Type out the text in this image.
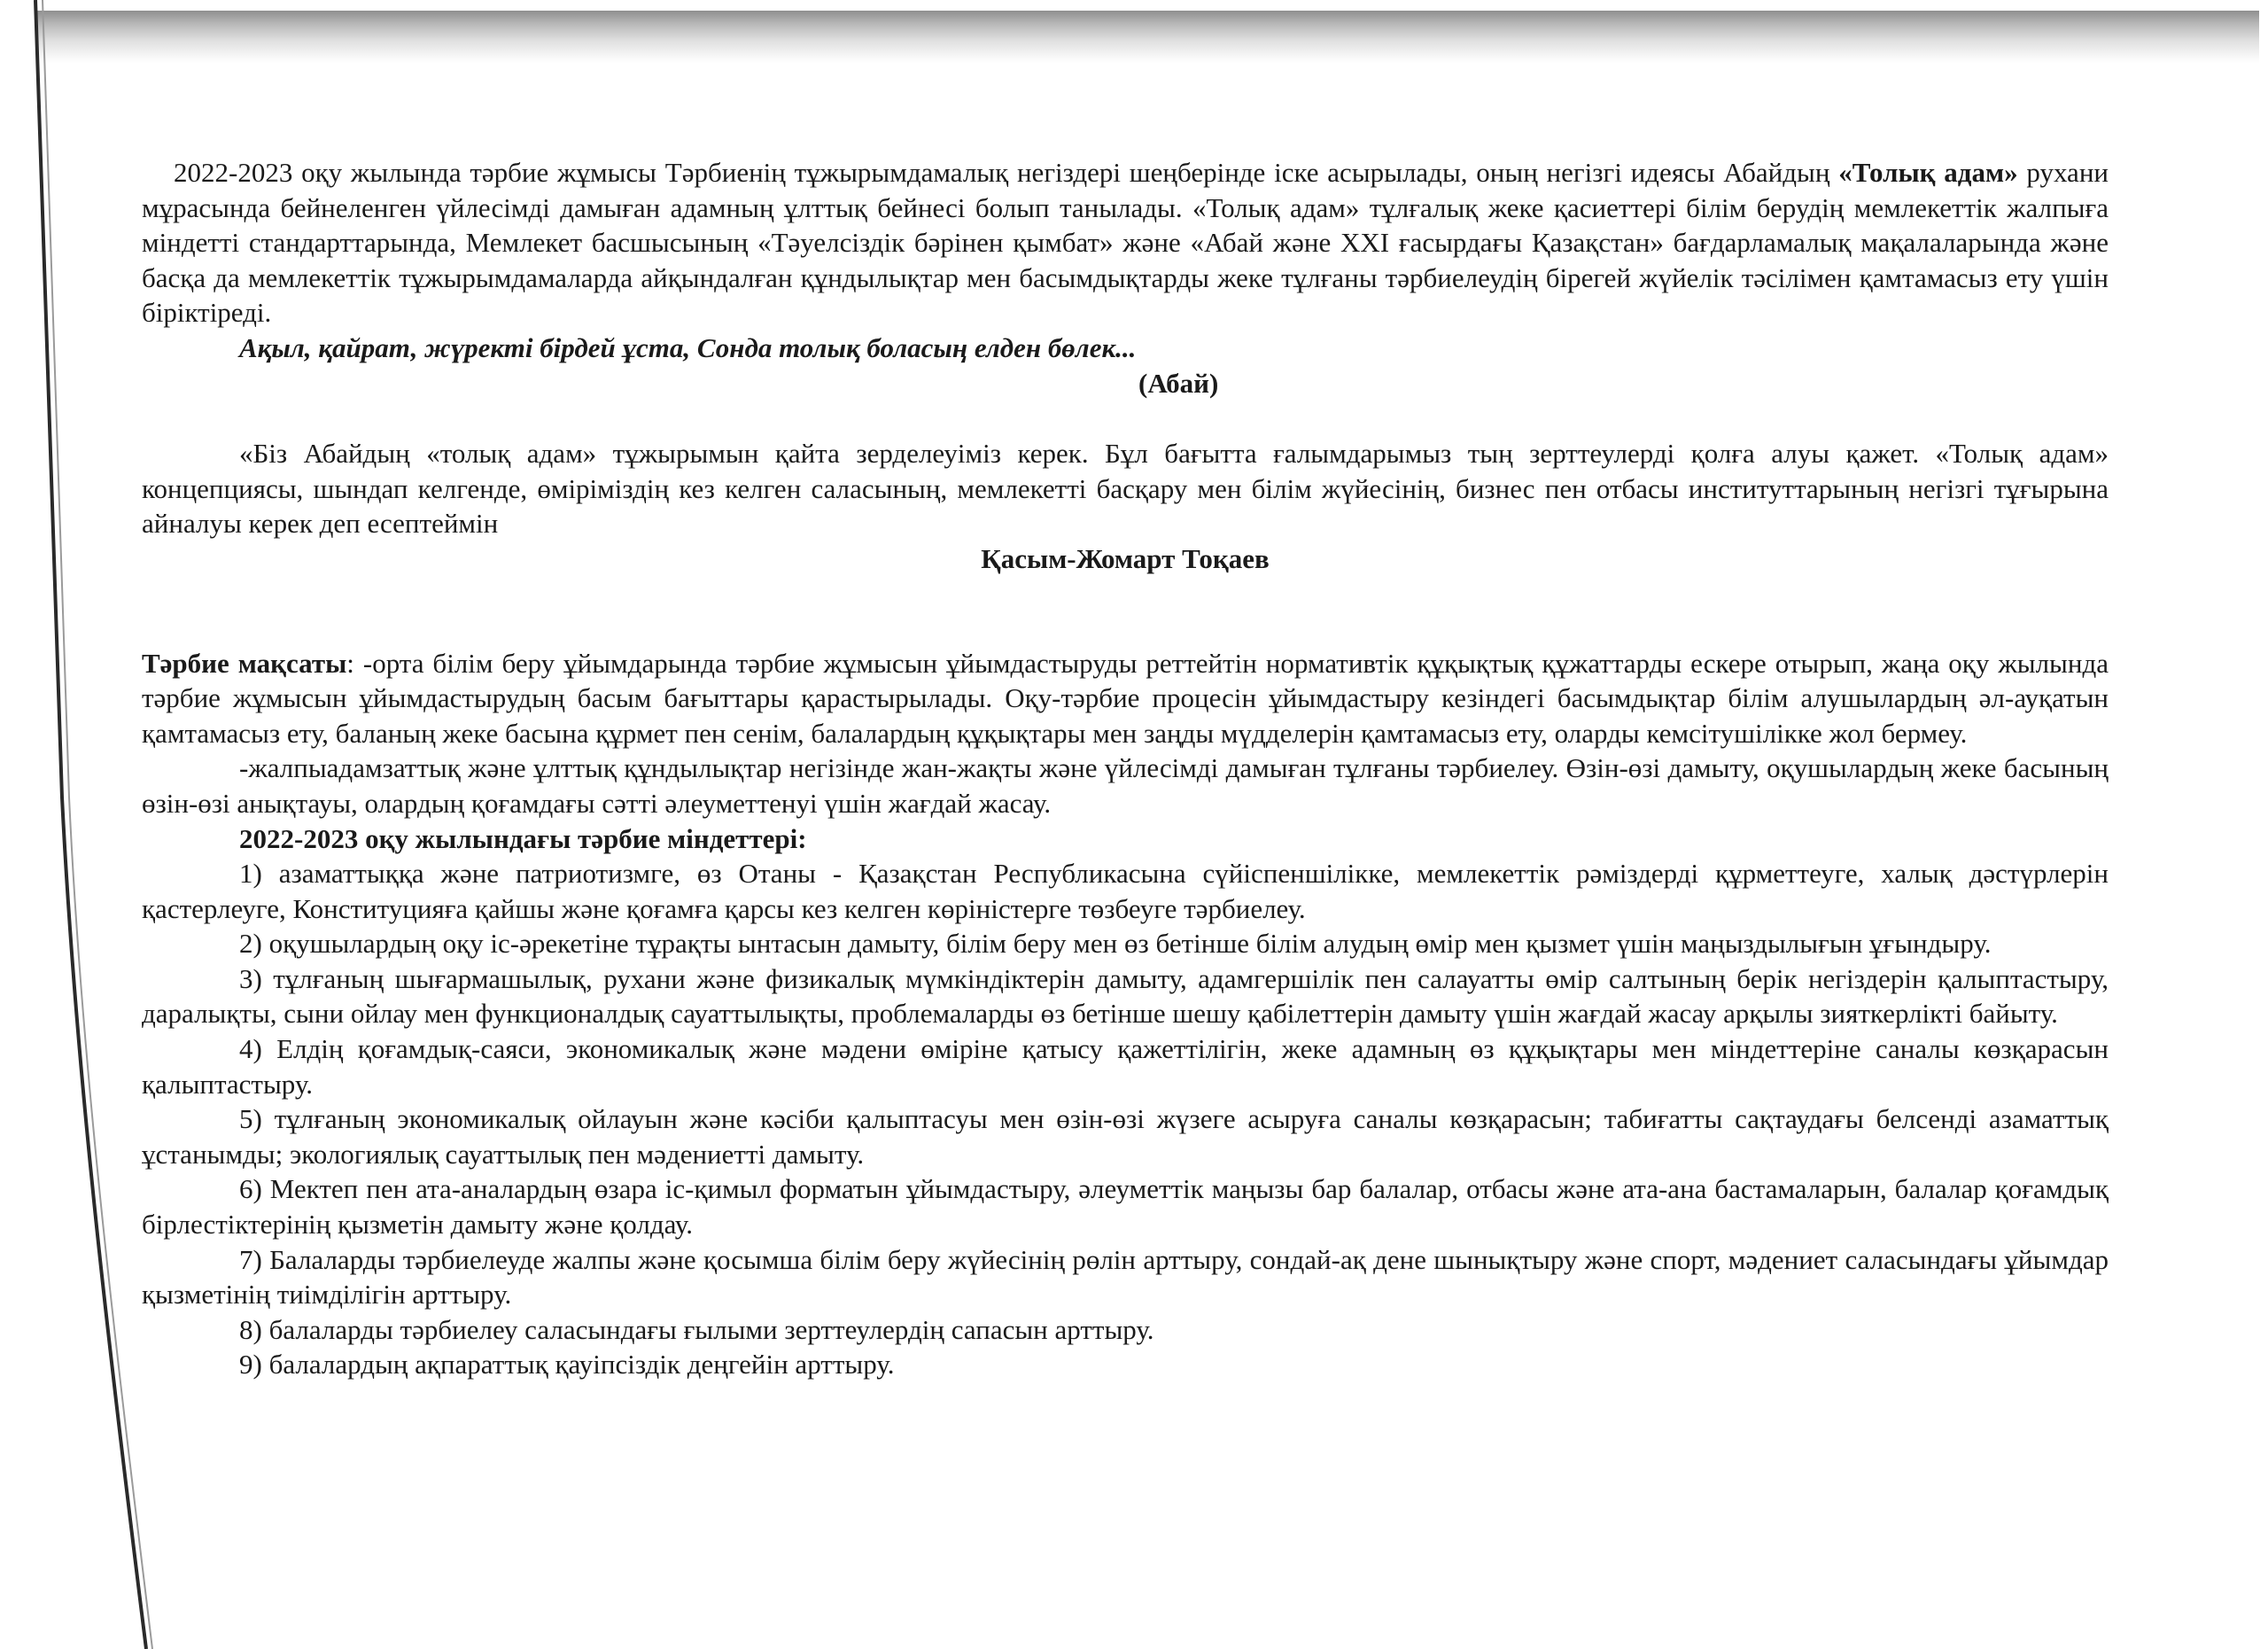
2022-2023 оқу жылында тәрбие жұмысы Тәрбиенің тұжырымдамалық негіздері шеңберінде іске асырылады, оның негізгі идеясы Абайдың «Толық адам» рухани мұрасында бейнеленген үйлесімді дамыған адамның ұлттық бейнесі болып танылады. «Толық адам» тұлғалық жеке қасиеттері білім берудің мемлекеттік жалпыға міндетті стандарттарында, Мемлекет басшысының «Тәуелсіздік бәрінен қымбат» және «Абай және ХХІ ғасырдағы Қазақстан» бағдарламалық мақалаларында және басқа да мемлекеттік тұжырымдамаларда айқындалған құндылықтар мен басымдықтарды жеке тұлғаны тәрбиелеудің бірегей жүйелік тәсілімен қамтамасыз ету үшін біріктіреді.

Ақыл, қайрат, жүректі бірдей ұста, Сонда толық боласың елден бөлек...

(Абай)

«Біз Абайдың «толық адам» тұжырымын қайта зерделеуіміз керек. Бұл бағытта ғалымдарымыз тың зерттеулерді қолға алуы қажет. «Толық адам» концепциясы, шындап келгенде, өміріміздің кез келген саласының, мемлекетті басқару мен білім жүйесінің, бизнес пен отбасы институттарының негізгі тұғырына айналуы керек деп есептеймін

Қасым-Жомарт Тоқаев

Тәрбие мақсаты: -орта білім беру ұйымдарында тәрбие жұмысын ұйымдастыруды реттейтін нормативтік құқықтық құжаттарды ескере отырып, жаңа оқу жылында тәрбие жұмысын ұйымдастырудың басым бағыттары қарастырылады. Оқу-тәрбие процесін ұйымдастыру кезіндегі басымдықтар білім алушылардың әл-ауқатын қамтамасыз ету, баланың жеке басына құрмет пен сенім, балалардың құқықтары мен заңды мүдделерін қамтамасыз ету, оларды кемсітушілікке жол бермеу.

-жалпыадамзаттық және ұлттық құндылықтар негізінде жан-жақты және үйлесімді дамыған тұлғаны тәрбиелеу. Өзін-өзі дамыту, оқушылардың жеке басының өзін-өзі анықтауы, олардың қоғамдағы сәтті әлеуметтенуі үшін жағдай жасау.

2022-2023 оқу жылындағы тәрбие міндеттері:

1) азаматтыққа және патриотизмге, өз Отаны - Қазақстан Республикасына сүйіспеншілікке, мемлекеттік рәміздерді құрметтеуге, халық дәстүрлерін қастерлеуге, Конституцияға қайшы және қоғамға қарсы кез келген көріністерге төзбеуге тәрбиелеу.

2) оқушылардың оқу іс-әрекетіне тұрақты ынтасын дамыту, білім беру мен өз бетінше білім алудың өмір мен қызмет үшін маңыздылығын ұғындыру.

3) тұлғаның шығармашылық, рухани және физикалық мүмкіндіктерін дамыту, адамгершілік пен салауатты өмір салтының берік негіздерін қалыптастыру, даралықты, сыни ойлау мен функционалдық сауаттылықты, проблемаларды өз бетінше шешу қабілеттерін дамыту үшін жағдай жасау арқылы зияткерлікті байыту.

4) Елдің қоғамдық-саяси, экономикалық және мәдени өміріне қатысу қажеттілігін, жеке адамның өз құқықтары мен міндеттеріне саналы көзқарасын қалыптастыру.

5) тұлғаның экономикалық ойлауын және кәсіби қалыптасуы мен өзін-өзі жүзеге асыруға саналы көзқарасын; табиғатты сақтаудағы белсенді азаматтық ұстанымды; экологиялық сауаттылық пен мәдениетті дамыту.

6) Мектеп пен ата-аналардың өзара іс-қимыл форматын ұйымдастыру, әлеуметтік маңызы бар балалар, отбасы және ата-ана бастамаларын, балалар қоғамдық бірлестіктерінің қызметін дамыту және қолдау.

7) Балаларды тәрбиелеуде жалпы және қосымша білім беру жүйесінің рөлін арттыру, сондай-ақ дене шынықтыру және спорт, мәдениет саласындағы ұйымдар қызметінің тиімділігін арттыру.

8) балаларды тәрбиелеу саласындағы ғылыми зерттеулердің сапасын арттыру.

9) балалардың ақпараттық қауіпсіздік деңгейін арттыру.
